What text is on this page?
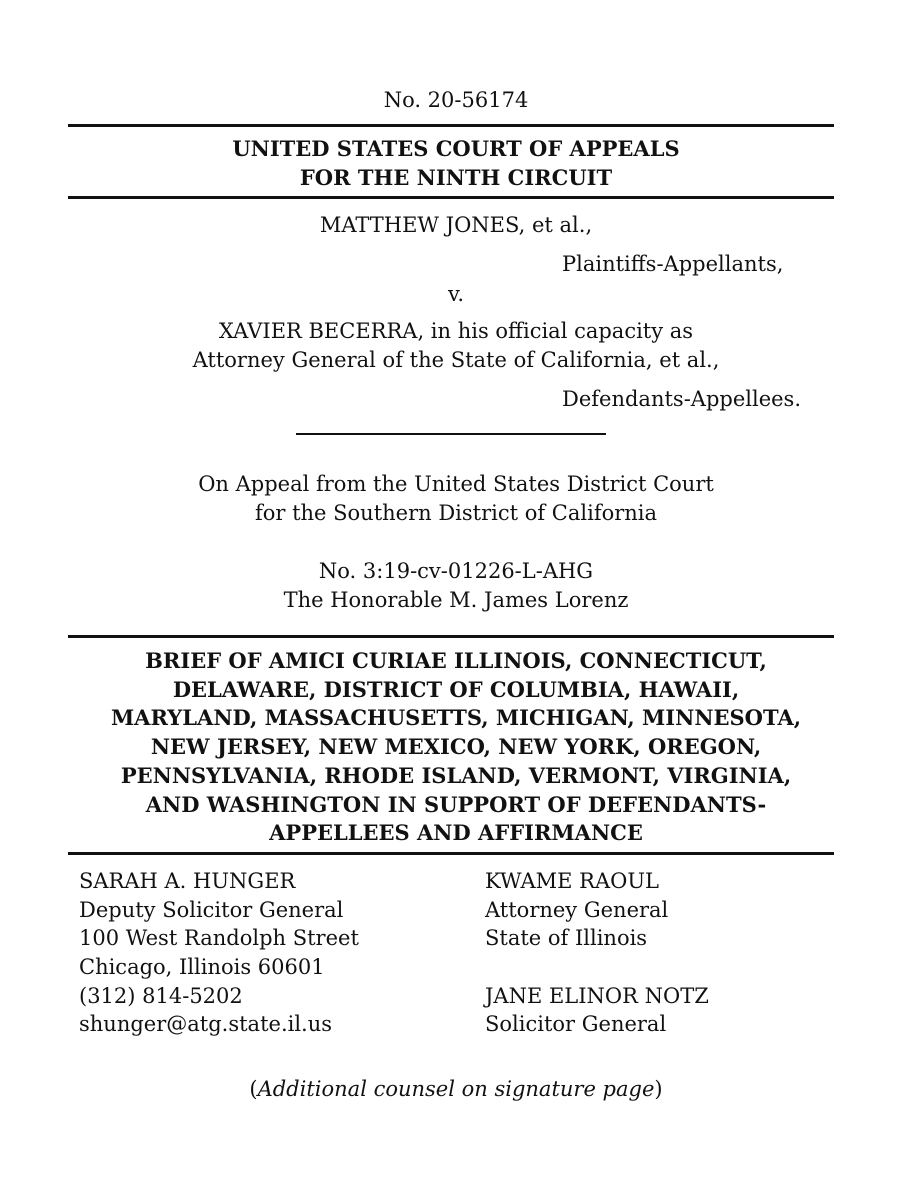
No. 20-56174
UNITED STATES COURT OF APPEALS
FOR THE NINTH CIRCUIT
MATTHEW JONES, et al.,
Plaintiffs-Appellants,
v.
XAVIER BECERRA, in his official capacity as
Attorney General of the State of California, et al.,
Defendants-Appellees.
On Appeal from the United States District Court
for the Southern District of California
No. 3:19-cv-01226-L-AHG
The Honorable M. James Lorenz
BRIEF OF AMICI CURIAE ILLINOIS, CONNECTICUT,
DELAWARE, DISTRICT OF COLUMBIA, HAWAII,
MARYLAND, MASSACHUSETTS, MICHIGAN, MINNESOTA,
NEW JERSEY, NEW MEXICO, NEW YORK, OREGON,
PENNSYLVANIA, RHODE ISLAND, VERMONT, VIRGINIA,
AND WASHINGTON IN SUPPORT OF DEFENDANTS-
APPELLEES AND AFFIRMANCE
SARAH A. HUNGER
Deputy Solicitor General
100 West Randolph Street
Chicago, Illinois 60601
(312) 814-5202
shunger@atg.state.il.us
KWAME RAOUL
Attorney General
State of Illinois
JANE ELINOR NOTZ
Solicitor General
(Additional counsel on signature page)
